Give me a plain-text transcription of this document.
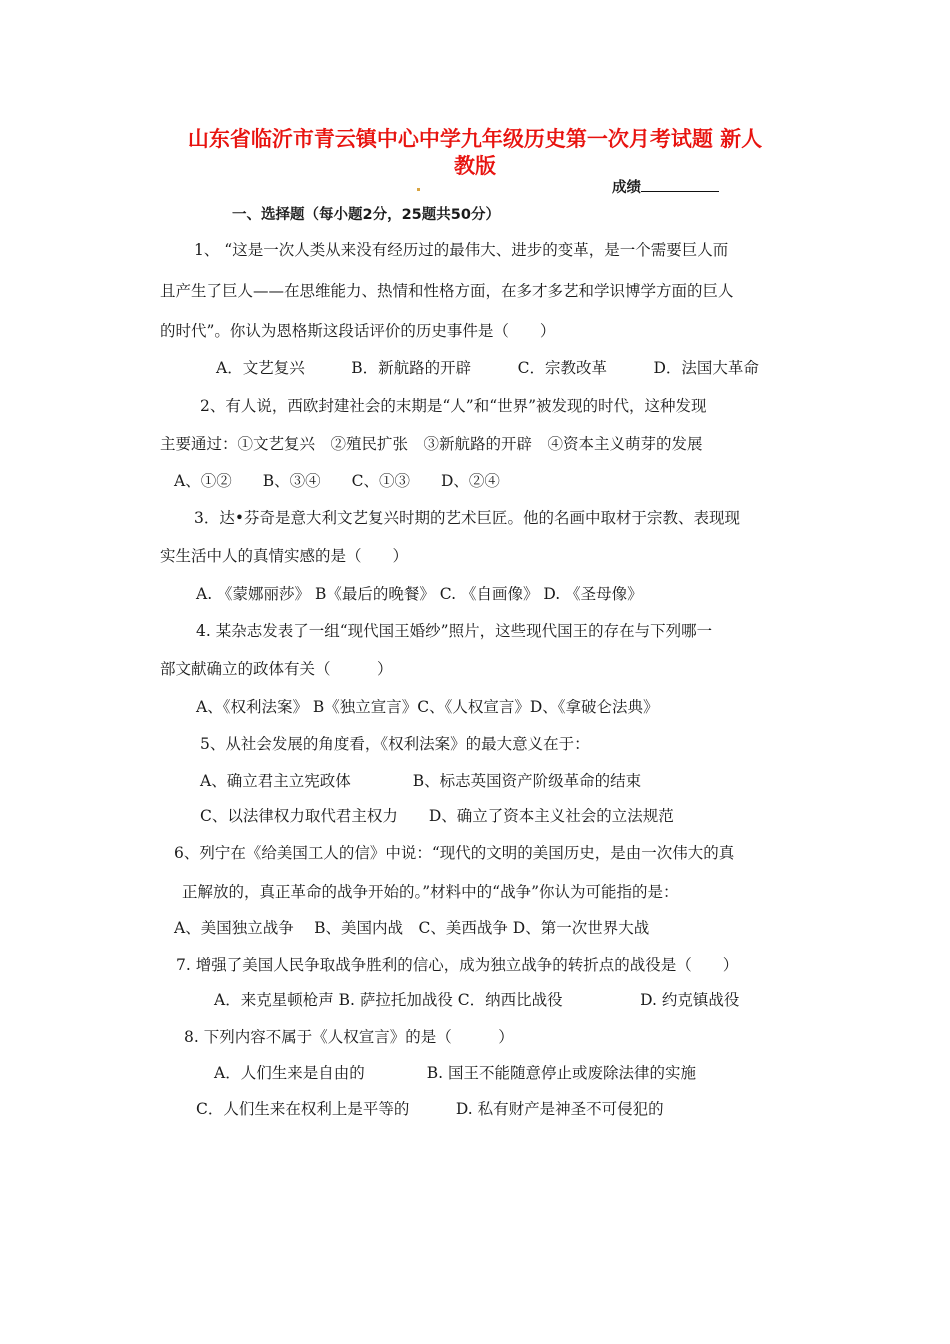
山东省临沂市青云镇中心中学九年级历史第一次月考试题 新人
教版
成绩
一、选择题（每小题2分，25题共50分）
1、 “这是一次人类从来没有经历过的最伟大、进步的变革，是一个需要巨人而
且产生了巨人——在思维能力、热情和性格方面，在多才多艺和学识博学方面的巨人
的时代”。你认为恩格斯这段话评价的历史事件是（　　）
A．文艺复兴　　　B．新航路的开辟　　　C．宗教改革　　　D．法国大革命
2、有人说，西欧封建社会的末期是“人”和“世界”被发现的时代，这种发现
主要通过：①文艺复兴　②殖民扩张　③新航路的开辟　④资本主义萌芽的发展
A、①②　　B、③④　　C、①③　　D、②④
3．达•芬奇是意大利文艺复兴时期的艺术巨匠。他的名画中取材于宗教、表现现
实生活中人的真情实感的是（　　）
A. 《蒙娜丽莎》 B《最后的晚餐》 C. 《自画像》 D. 《圣母像》
4. 某杂志发表了一组“现代国王婚纱”照片，这些现代国王的存在与下列哪一
部文献确立的政体有关（　　　）
A、《权利法案》 B《独立宣言》C、《人权宣言》D、《拿破仑法典》
5、从社会发展的角度看，《权利法案》的最大意义在于：
A、确立君主立宪政体　　　　B、标志英国资产阶级革命的结束
C、以法律权力取代君主权力　　D、确立了资本主义社会的立法规范
6、列宁在《给美国工人的信》中说：“现代的文明的美国历史，是由一次伟大的真
正解放的，真正革命的战争开始的。”材料中的“战争”你认为可能指的是：
A、美国独立战争　 B、美国内战　C、美西战争 D、第一次世界大战
7. 增强了美国人民争取战争胜利的信心，成为独立战争的转折点的战役是（　　）
A．来克星顿枪声 B. 萨拉托加战役 C．纳西比战役　　　　　D. 约克镇战役
8. 下列内容不属于《人权宣言》的是（　　　）
A．人们生来是自由的　　　　B. 国王不能随意停止或废除法律的实施
C．人们生来在权利上是平等的　　　D. 私有财产是神圣不可侵犯的
